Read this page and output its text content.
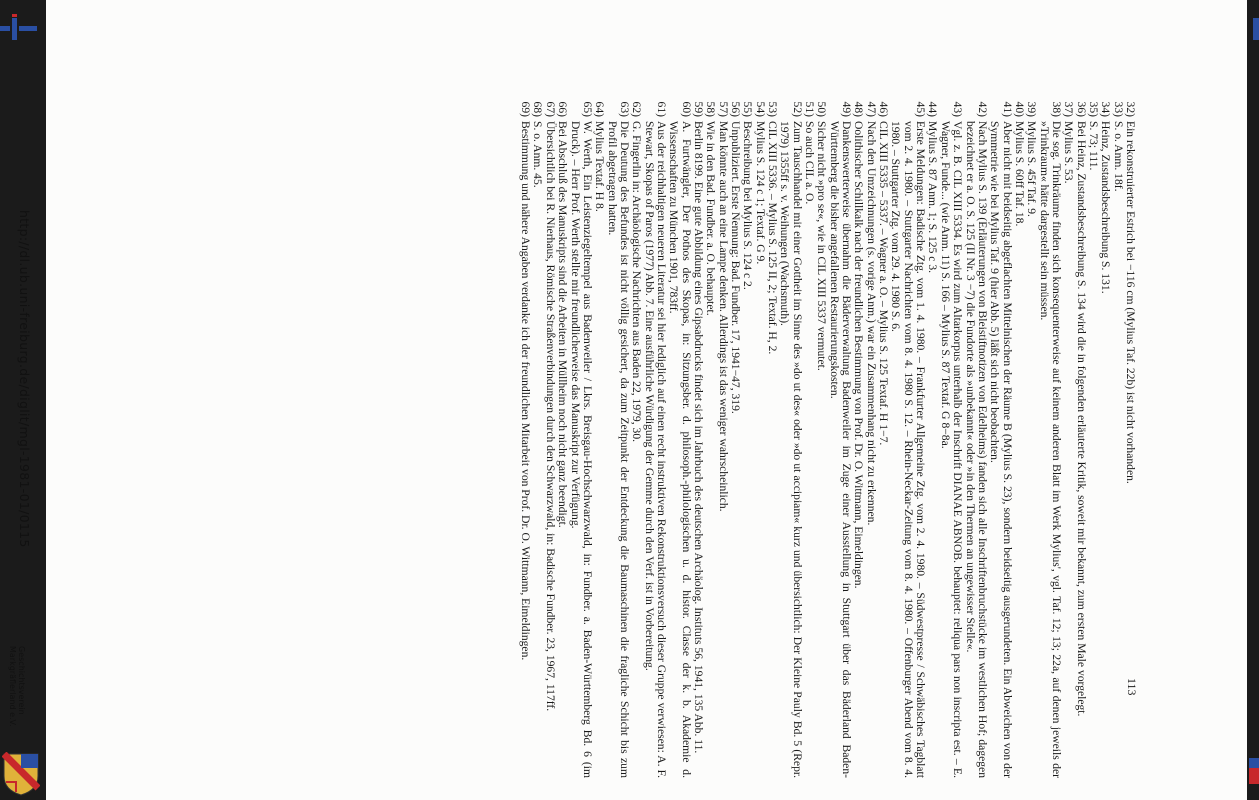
113
32)
Ein rekonstruierter Estrich bei −116 cm (Mylius Taf. 22b) ist nicht vorhanden.
33)
S. o. Anm. 18f.
34)
Heinz, Zustandsbeschreibung S. 131.
35)
S. 73; 111.
36)
Bei Heinz, Zustandsbeschreibung S. 134 wird die in folgenden erläuterte Kritik, soweit mir bekannt, zum ersten Male vorgelegt.
37)
Mylius S. 53.
38)
Die sog. Trinkräume finden sich konsequenterweise auf keinem anderen Blatt im Werk Mylius', vgl. Taf. 12; 13; 22a, auf denen jeweils der »Trinkraum« hätte dargestellt sein müssen.
39)
Mylius S. 45f Taf. 9.
40)
Mylius S. 60ff Taf. 18.
41)
Aber nicht mit beidseitig abgeflachten Mittelnischen der Räume B (Mylius S. 23), sondern beidseitig ausgerundeten. Ein Abweichen von der Symmetrie wie bei Mylius Taf. 9 (hier Abb. 5) läßt sich nicht beobachten.
42)
Nach Mylius S. 139 (Erläuterungen von Bleistiftnotizen von Edelheims) fanden sich alle Inschriftenbruchstücke im westlichen Hof; dagegen bezeichnet er a. O. S. 125 (II Nr. 3 −7) die Fundorte als »unbekannt« oder »in den Thermen an ungewisser Stelle«.
43)
Vgl. z. B. CIL XIII 5334. Es wird zum Altarkorpus unterhalb der Inschrift DIANAE ABNOB. behauptet: reliqua pars non inscripta est. – E. Wagner, Funde... (wie Anm. 11) S. 166 – Mylius S. 87 Textaf. G 8−8a.
44)
Mylius S. 87 Anm. 1; S. 125 c 3.
45)
Erste Meldungen: Badische Ztg. vom 1. 4. 1980. – Frankfurter Allgemeine Ztg. vom 2. 4. 1980. – Südwestpresse / Schwäbisches Tagblatt vom 2. 4. 1980. – Stuttgarter Nachrichten vom 8. 4. 1980 S. 12. – Rhein-Neckar-Zeitung vom 8. 4. 1980. – Offenburger Abend vom 8. 4. 1980. – Stuttgarter Ztg. vom 29. 4. 1980 S. 6.
46)
CIL XIII 5335 – 5337. – Wagner a. O. – Mylius S. 125 Textaf. H 1−7.
47)
Nach den Umzeichnungen (s. vorige Anm.) war ein Zusammenhang nicht zu erkennen.
48)
Oolithischer Schillkalk nach der freundlichen Bestimmung von Prof. Dr. O. Wittmann, Eimeldingen.
49)
Dankenswerterweise übernahm die Bäderverwaltung Badenweiler im Zuge einer Ausstellung in Stuttgart über das Bäderland Baden-Württemberg die bisher angefallenen Restaurierungskosten.
50)
Sicher nicht »pro se«, wie in CIL XIII 5337 vermutet.
51)
So auch CIL a. O.
52)
Zum Tauschhandel mit einer Gottheit im Sinne des »do ut des« oder »do ut accipiam« kurz und übersichtlich: Der Kleine Pauly Bd. 5 (Repr. 1979) 1355ff s. v. Weihungen (Wachsmuth).
53)
CIL XIII 5336. – Mylius S. 125 II, 2; Textaf. H, 2.
54)
Mylius S. 124 c 1; Textaf. G 9.
55)
Beschreibung bei Mylius S. 124 c 2.
56)
Unpubliziert. Erste Nennung: Bad. Fundber. 17, 1941−47, 319.
57)
Man könnte auch an eine Lampe denken. Allerdings ist das weniger wahrscheinlich.
58)
Wie in den Bad. Fundber. a. O. behauptet.
59)
Berlin 8199. Eine gute Abbildung eines Gipsabdrucks findet sich im Jahrbuch des deutschen Archäolog. Instituts 56, 1941, 135 Abb. 11.
60)
A. Furtwängler, Der Pothos des Skopas, in: Sitzungsber. d. philosoph.-philologischen u. d. histor. Classe der k. b. Akademie d. Wissenschaften zu München 1901, 783ff.
61)
Aus der reichhaltigen neueren Literatur sei hier lediglich auf einen recht instruktiven Rekonstruktionsversuch dieser Gruppe verwiesen: A. F. Stewart, Skopas of Paros (1977) Abb. 7. Eine ausführliche Würdigung der Gemme durch den Verf. ist in Vorbereitung.
62)
G. Fingerlin in: Archäologische Nachrichten aus Baden 22, 1979, 30.
63)
Die Deutung des Befundes ist nicht völlig gesichert, da zum Zeitpunkt der Entdeckung die Baumaschinen die fragliche Schicht bis zum Profil abgetragen hatten.
64)
Mylius Textaf. H 8.
65)
W. Werth, Ein Leistenziegeltempel aus Badenweiler / Lkrs. Breisgau-Hochschwarzwald, in: Fundber. a. Baden-Württemberg Bd. 6 (im Druck). – Herr Prof. Werth stellte mir freundlicherweise das Manuskript zur Verfügung.
66)
Bei Abschluß des Manuskripts sind die Arbeiten in Müllheim noch nicht ganz beendigt.
67)
Übersichtlich bei R. Nierhaus, Römische Straßenverbindungen durch den Schwarzwald, in: Badische Fundber. 23, 1967, 117ff.
68)
S. o. Anm. 45.
69)
Bestimmung und nähere Angaben verdanke ich der freundlichen Mitarbeit von Prof. Dr. O. Wittmann, Eimeldingen.
http://dl.ub.uni-freiburg.de/diglit/mgl-1981-01/0115
Geschichtsverein
Markgräflerland e.V.
